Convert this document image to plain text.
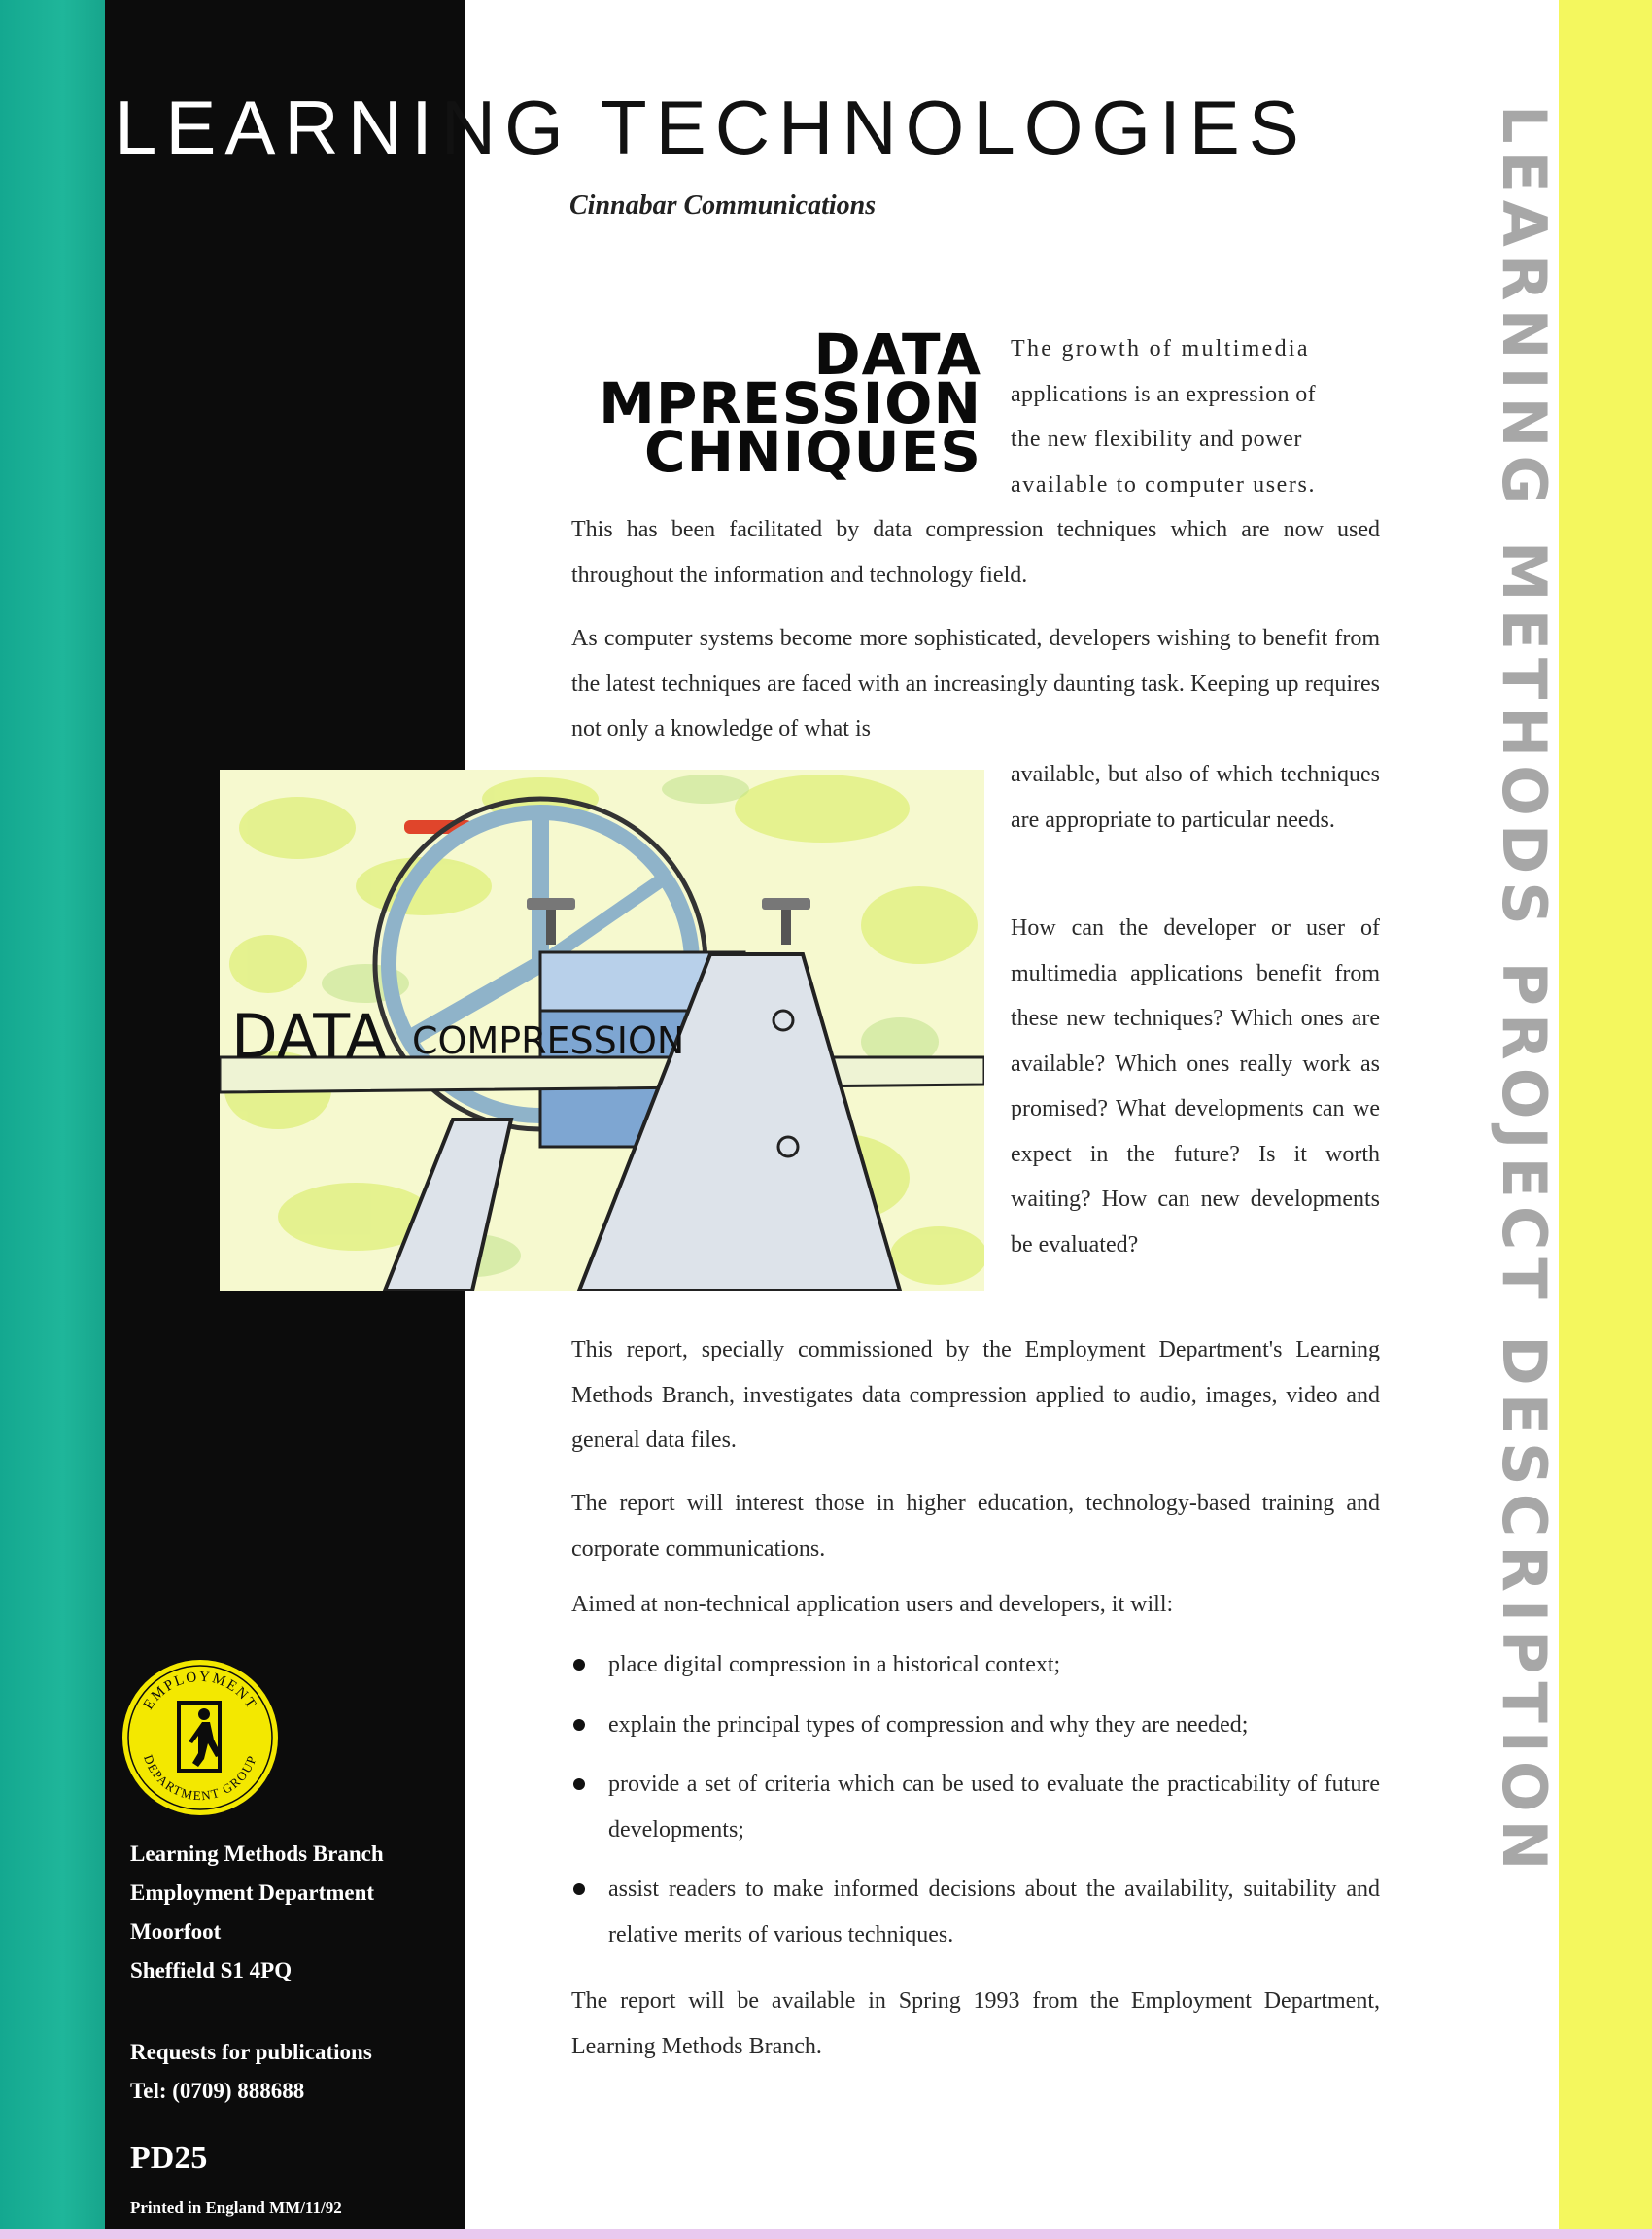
LEARNING TECHNOLOGIES
Cinnabar Communications
DATA
COMPRESSION
TECHNIQUES
The growth of multimedia
applications is an expression of
the new flexibility and power
available to computer users.

This has been facilitated by data compression techniques which are now used throughout the information and technology field.

As computer systems become more sophisticated, developers wishing to benefit from the latest techniques are faced with an increasingly daunting task. Keeping up requires not only a knowledge of what is

available, but also of which techniques are appropriate to particular needs.

How can the developer or user of multimedia applications benefit from these new techniques? Which ones are available? Which ones really work as promised? What developments can we expect in the future? Is it worth waiting? How can new developments be evaluated?

DATA COMPRESSION

This report, specially commissioned by the Employment Department's Learning Methods Branch, investigates data compression applied to audio, images, video and general data files.

The report will interest those in higher education, technology-based training and corporate communications.

Aimed at non-technical application users and developers, it will:

place digital compression in a historical context;
explain the principal types of compression and why they are needed;
provide a set of criteria which can be used to evaluate the practicability of future developments;
assist readers to make informed decisions about the availability, suitability and relative merits of various techniques.

The report will be available in Spring 1993 from the Employment Department, Learning Methods Branch.

LEARNING METHODS PROJECT DESCRIPTION
EMPLOYMENT
DEPARTMENT GROUP
Learning Methods Branch
Employment Department
Moorfoot
Sheffield S1 4PQ
Requests for publications
Tel: (0709) 888688
PD25
Printed in England MM/11/92
